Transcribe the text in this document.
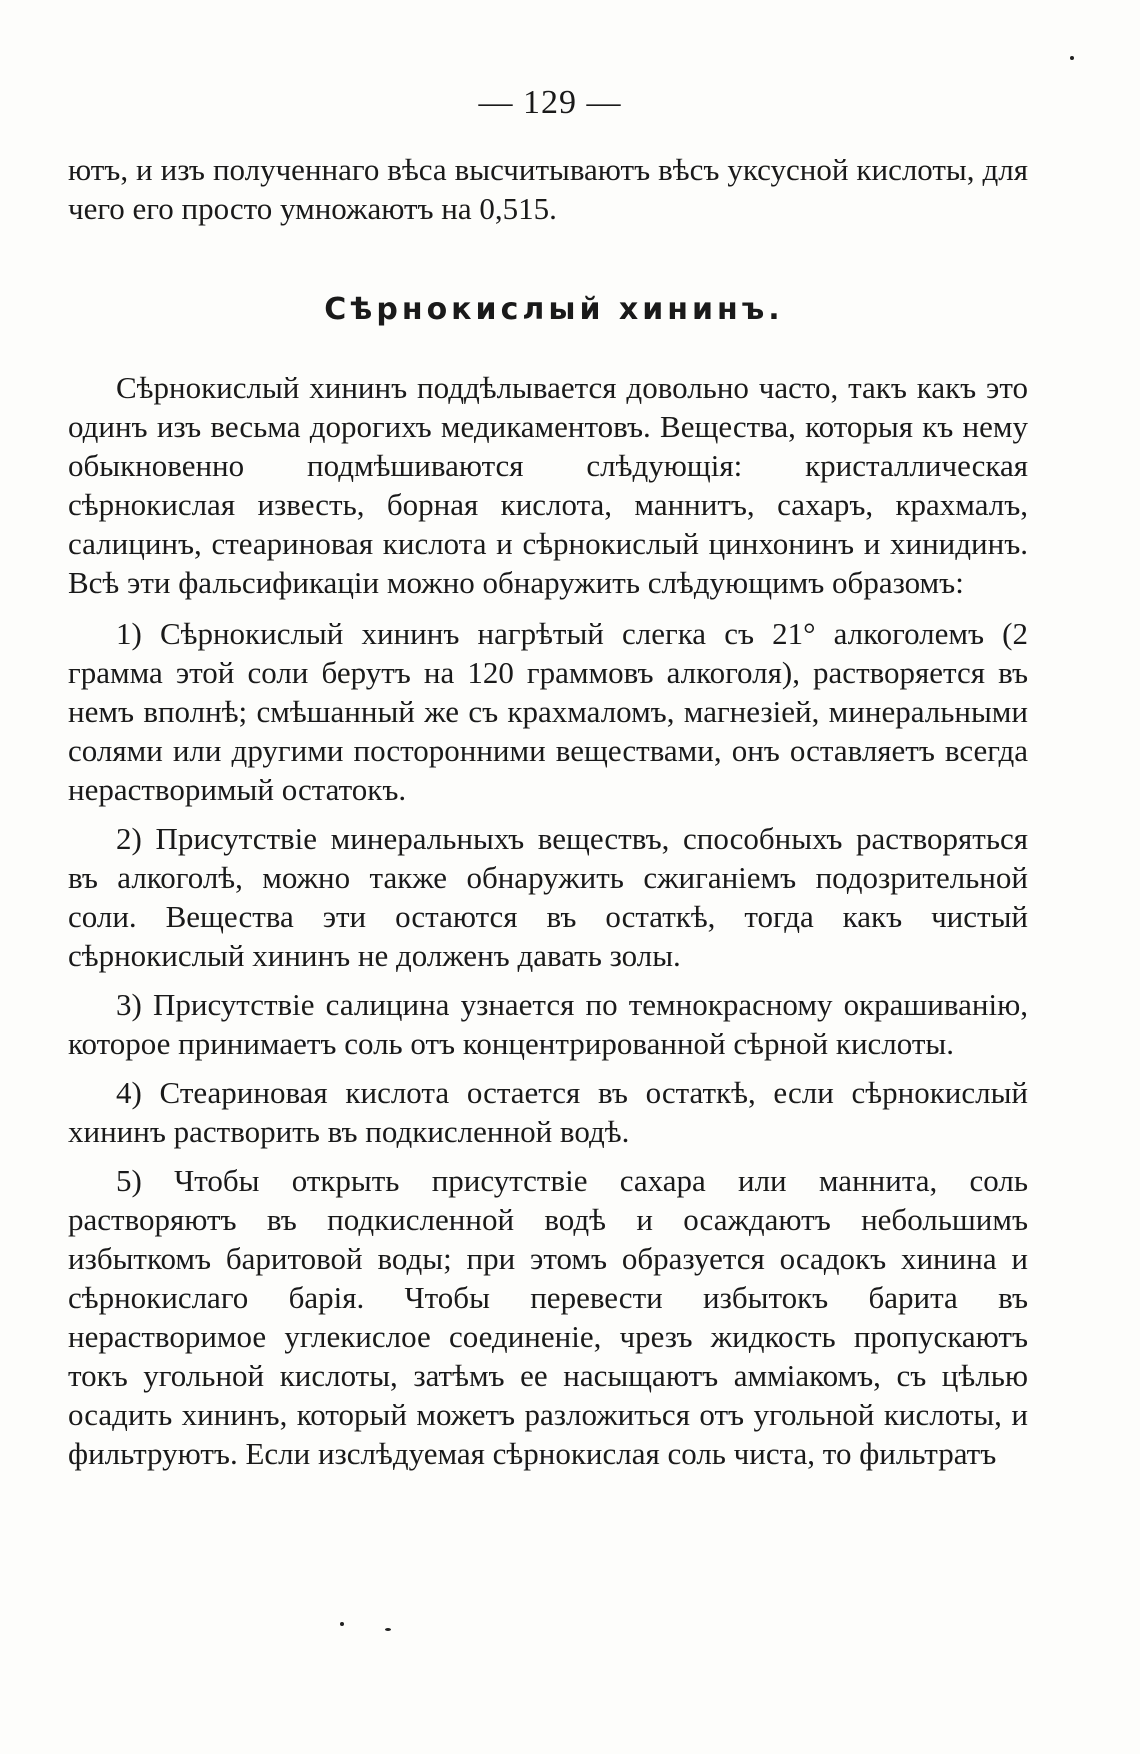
— 129 —
ютъ, и изъ полученнаго вѣса высчитываютъ вѣсъ уксусной кислоты, для чего его просто умножаютъ на 0,515.
Сѣрнокислый хининъ.

Сѣрнокислый хининъ поддѣлывается довольно часто, такъ какъ это одинъ изъ весьма дорогихъ медикаментовъ. Вещества, которыя къ нему обыкновенно подмѣшиваются слѣдующія: кристаллическая сѣрнокислая известь, борная кислота, маннитъ, сахаръ, крахмалъ, салицинъ, стеариновая кислота и сѣрнокислый цинхонинъ и хинидинъ. Всѣ эти фальсификаціи можно обнаружить слѣдующимъ образомъ:

1) Сѣрнокислый хининъ нагрѣтый слегка съ 21° алкоголемъ (2 грамма этой соли берутъ на 120 граммовъ алкоголя), растворяется въ немъ вполнѣ; смѣшанный же съ крахмаломъ, магнезіей, минеральными солями или другими посторонними веществами, онъ оставляетъ всегда нерастворимый остатокъ.

2) Присутствіе минеральныхъ веществъ, способныхъ растворяться въ алкоголѣ, можно также обнаружить сжиганіемъ подозрительной соли. Вещества эти остаются въ остаткѣ, тогда какъ чистый сѣрнокислый хининъ не долженъ давать золы.

3) Присутствіе салицина узнается по темнокрасному окрашиванію, которое принимаетъ соль отъ концентрированной сѣрной кислоты.

4) Стеариновая кислота остается въ остаткѣ, если сѣрнокислый хининъ растворить въ подкисленной водѣ.

5) Чтобы открыть присутствіе сахара или маннита, соль растворяютъ въ подкисленной водѣ и осаждаютъ небольшимъ избыткомъ баритовой воды; при этомъ образуется осадокъ хинина и сѣрнокислаго барія. Чтобы перевести избытокъ барита въ нерастворимое углекислое соединеніе, чрезъ жидкость пропускаютъ токъ угольной кислоты, затѣмъ ее насыщаютъ амміакомъ, съ цѣлью осадить хининъ, который можетъ разложиться отъ угольной кислоты, и фильтруютъ. Если изслѣдуемая сѣрнокислая соль чиста, то фильтратъ
